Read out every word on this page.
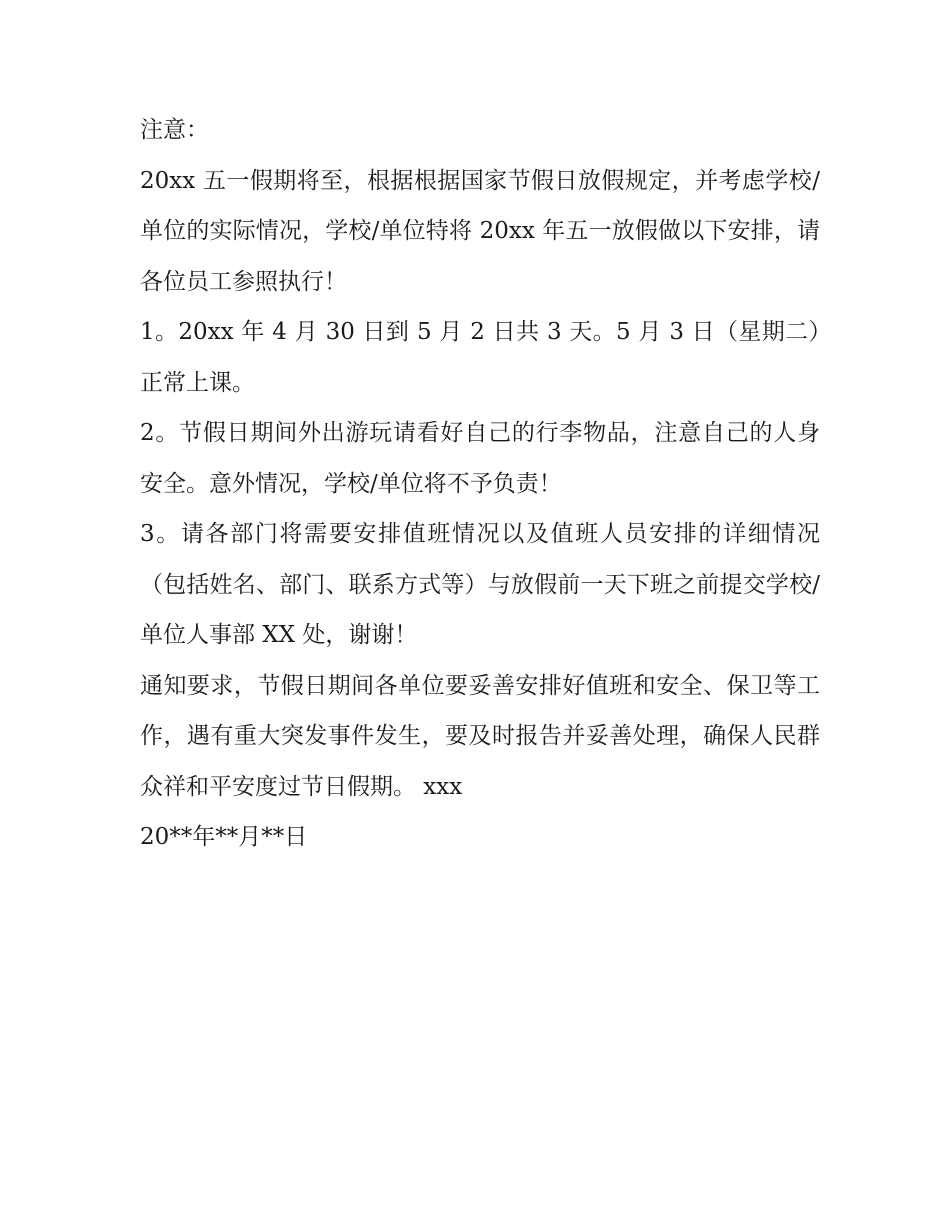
注意：

20xx 五一假期将至，根据根据国家节假日放假规定，并考虑学校/单位的实际情况，学校/单位特将 20xx 年五一放假做以下安排，请各位员工参照执行！

1。20xx 年 4 月 30 日到 5 月 2 日共 3 天。5 月 3 日（星期二）正常上课。

2。节假日期间外出游玩请看好自己的行李物品，注意自己的人身安全。意外情况，学校/单位将不予负责！

3。请各部门将需要安排值班情况以及值班人员安排的详细情况（包括姓名、部门、联系方式等）与放假前一天下班之前提交学校/单位人事部 XX 处，谢谢！

通知要求，节假日期间各单位要妥善安排好值班和安全、保卫等工作，遇有重大突发事件发生，要及时报告并妥善处理，确保人民群众祥和平安度过节日假期。 xxx

20**年**月**日
